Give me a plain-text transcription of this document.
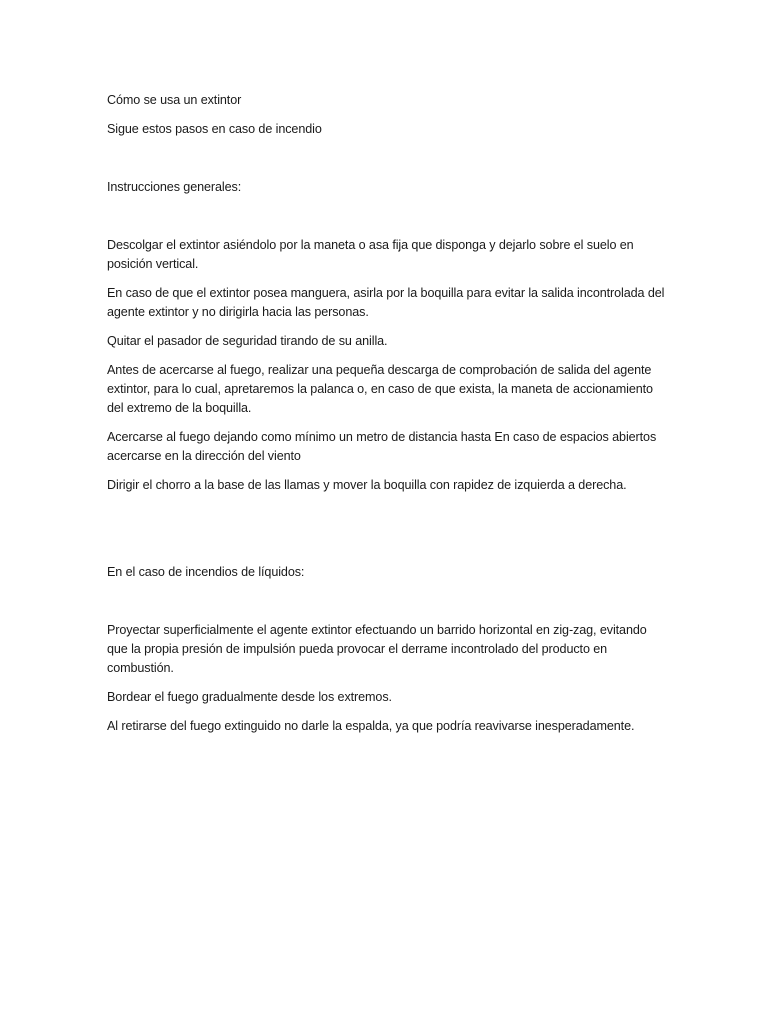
Cómo se usa un extintor

Sigue estos pasos en caso de incendio

Instrucciones generales:

Descolgar el extintor asiéndolo por la maneta o asa fija que disponga y dejarlo sobre el suelo en posición vertical.

En caso de que el extintor posea manguera, asirla por la boquilla para evitar la salida incontrolada del agente extintor y no dirigirla hacia las personas.

Quitar el pasador de seguridad tirando de su anilla.

Antes de acercarse al fuego, realizar una pequeña descarga de comprobación de salida del agente extintor, para lo cual, apretaremos la palanca o, en caso de que exista, la maneta de accionamiento del extremo de la boquilla.

Acercarse al fuego dejando como mínimo un metro de distancia hasta En caso de espacios abiertos acercarse en la dirección del viento

Dirigir el chorro a la base de las llamas y mover la boquilla con rapidez de izquierda a derecha.

En el caso de incendios de líquidos:

Proyectar superficialmente el agente extintor efectuando un barrido horizontal en zig-zag, evitando que la propia presión de impulsión pueda provocar el derrame incontrolado del producto en combustión.

Bordear el fuego gradualmente desde los extremos.

Al retirarse del fuego extinguido no darle la espalda, ya que podría reavivarse inesperadamente.
